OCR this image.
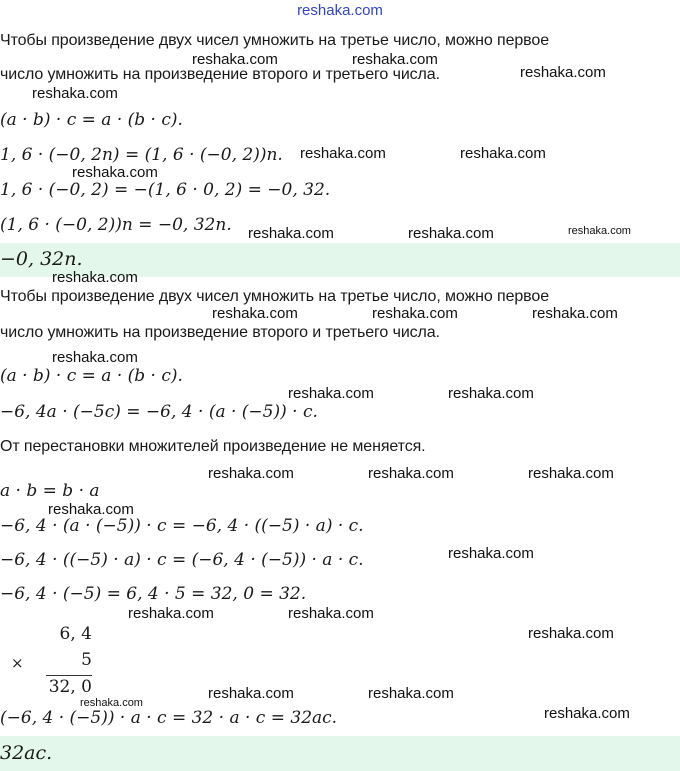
reshaka.com
Чтобы произведение двух чисел умножить на третье число, можно первое
число умножить на произведение второго и третьего числа.
(a · b) · c = a · (b · c).
1, 6 · (−0, 2n) = (1, 6 · (−0, 2))n.
1, 6 · (−0, 2) = −(1, 6 · 0, 2) = −0, 32.
(1, 6 · (−0, 2))n = −0, 32n.
−0, 32n.
Чтобы произведение двух чисел умножить на третье число, можно первое
число умножить на произведение второго и третьего числа.
(a · b) · c = a · (b · c).
−6, 4a · (−5c) = −6, 4 · (a · (−5)) · c.
От перестановки множителей произведение не меняется.
a · b = b · a
−6, 4 · (a · (−5)) · c = −6, 4 · ((−5) · a) · c.
−6, 4 · ((−5) · a) · c = (−6, 4 · (−5)) · a · c.
−6, 4 · (−5) = 6, 4 · 5 = 32, 0 = 32.
6, 4
×	5
32, 0
(−6, 4 · (−5)) · a · c = 32 · a · c = 32ac.
32ac.
reshaka.com	reshaka.com
reshaka.com
reshaka.com
reshaka.com	reshaka.com
reshaka.com
reshaka.com	reshaka.com	reshaka.com
reshaka.com
reshaka.com	reshaka.com	reshaka.com
reshaka.com
reshaka.com	reshaka.com
reshaka.com	reshaka.com	reshaka.com
reshaka.com
reshaka.com
reshaka.com	reshaka.com
reshaka.com
reshaka.com	reshaka.com
reshaka.com
reshaka.com
